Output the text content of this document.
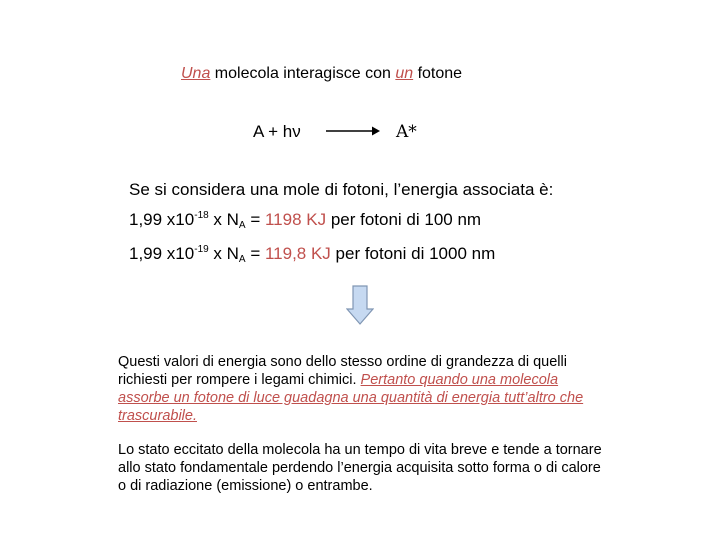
Una molecola interagisce con un fotone
A + hν → A*
Se si considera una mole di fotoni, l’energia associata è:
1,99 $x10^{-18}$ x $N_A = 1198$ KJ per fotoni di 100 nm
1,99 $x10^{-19}$ x $N_A = 119,8$ KJ per fotoni di 1000 nm
Questi valori di energia sono dello stesso ordine di grandezza di quelli richiesti per rompere i legami chimici. Pertanto quando una molecola assorbe un fotone di luce guadagna una quantità di energia tutt’altro che trascurabile.
Lo stato eccitato della molecola ha un tempo di vita breve e tende a tornare allo stato fondamentale perdendo l’energia acquisita sotto forma o di calore o di radiazione (emissione) o entrambe.
